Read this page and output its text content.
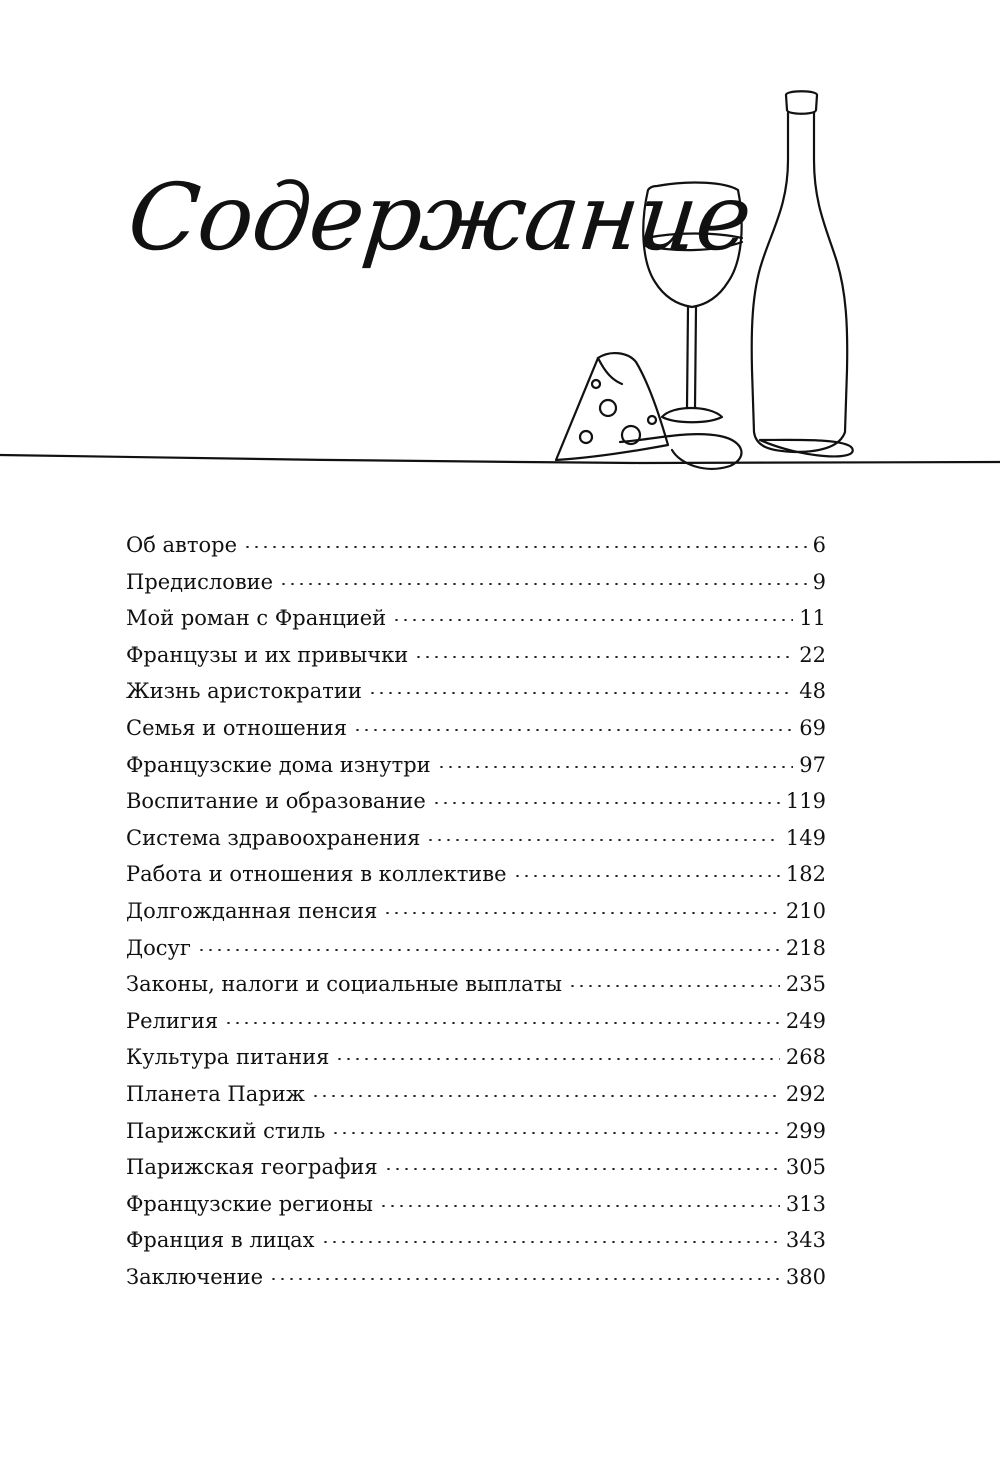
Содержание
Об авторе	6
Предисловие	9
Мой роман с Францией	11
Французы и их привычки	22
Жизнь аристократии	48
Семья и отношения	69
Французские дома изнутри	97
Воспитание и образование	119
Система здравоохранения	149
Работа и отношения в коллективе	182
Долгожданная пенсия	210
Досуг	218
Законы, налоги и социальные выплаты	235
Религия	249
Культура питания	268
Планета Париж	292
Парижский стиль	299
Парижская география	305
Французские регионы	313
Франция в лицах	343
Заключение	380
